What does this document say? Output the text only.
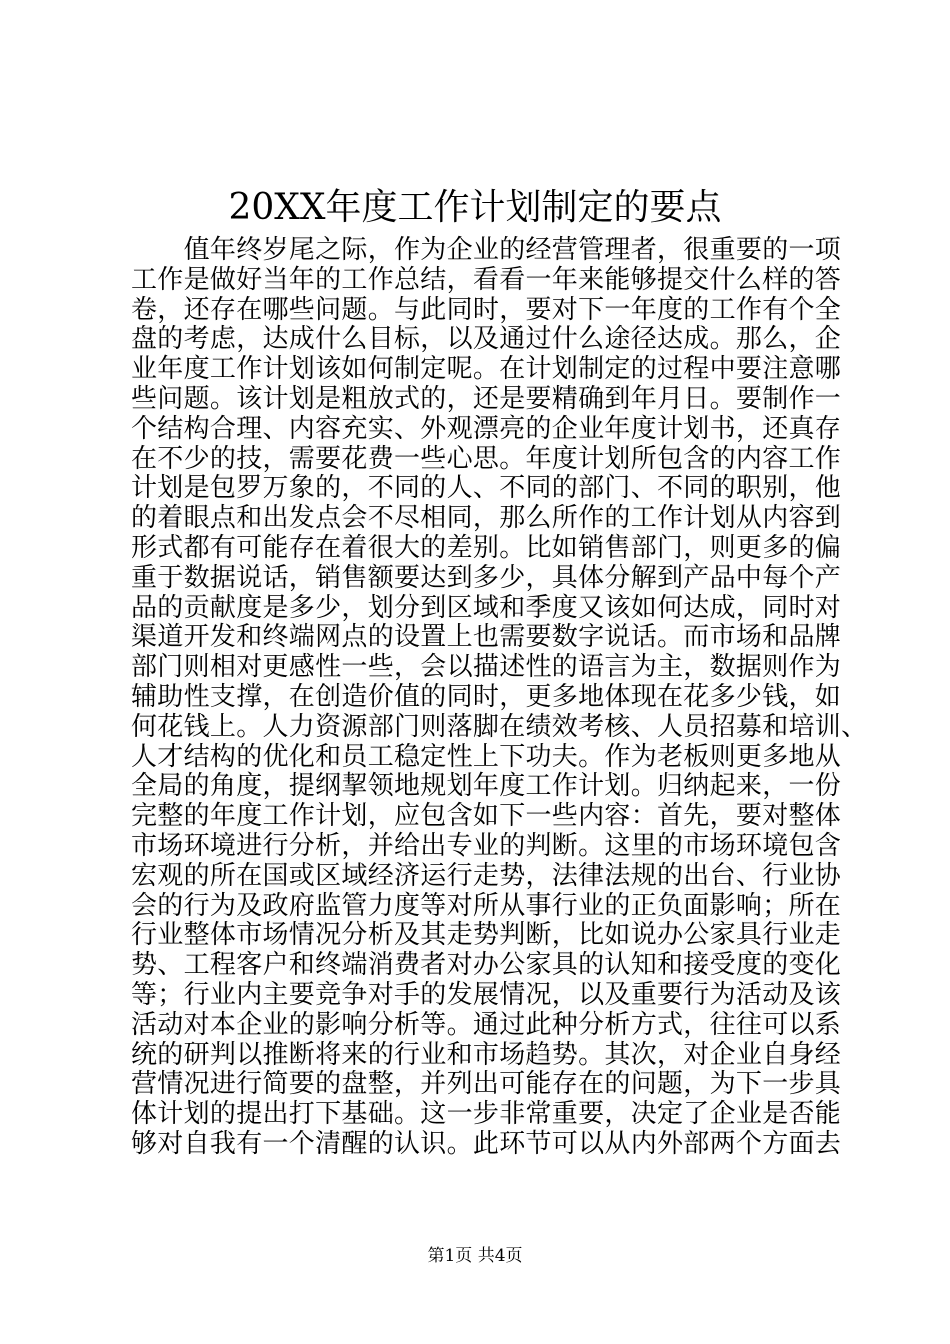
20XX年度工作计划制定的要点
　　值年终岁尾之际，作为企业的经营管理者，很重要的一项
工作是做好当年的工作总结，看看一年来能够提交什么样的答
卷，还存在哪些问题。与此同时，要对下一年度的工作有个全
盘的考虑，达成什么目标，以及通过什么途径达成。那么，企
业年度工作计划该如何制定呢。在计划制定的过程中要注意哪
些问题。该计划是粗放式的，还是要精确到年月日。要制作一
个结构合理、内容充实、外观漂亮的企业年度计划书，还真存
在不少的技，需要花费一些心思。年度计划所包含的内容工作
计划是包罗万象的，不同的人、不同的部门、不同的职别，他
的着眼点和出发点会不尽相同，那么所作的工作计划从内容到
形式都有可能存在着很大的差别。比如销售部门，则更多的偏
重于数据说话，销售额要达到多少，具体分解到产品中每个产
品的贡献度是多少，划分到区域和季度又该如何达成，同时对
渠道开发和终端网点的设置上也需要数字说话。而市场和品牌
部门则相对更感性一些，会以描述性的语言为主，数据则作为
辅助性支撑，在创造价值的同时，更多地体现在花多少钱，如
何花钱上。人力资源部门则落脚在绩效考核、人员招募和培训、
人才结构的优化和员工稳定性上下功夫。作为老板则更多地从
全局的角度，提纲挈领地规划年度工作计划。归纳起来，一份
完整的年度工作计划，应包含如下一些内容：首先，要对整体
市场环境进行分析，并给出专业的判断。这里的市场环境包含
宏观的所在国或区域经济运行走势，法律法规的出台、行业协
会的行为及政府监管力度等对所从事行业的正负面影响；所在
行业整体市场情况分析及其走势判断，比如说办公家具行业走
势、工程客户和终端消费者对办公家具的认知和接受度的变化
等；行业内主要竞争对手的发展情况，以及重要行为活动及该
活动对本企业的影响分析等。通过此种分析方式，往往可以系
统的研判以推断将来的行业和市场趋势。其次，对企业自身经
营情况进行简要的盘整，并列出可能存在的问题，为下一步具
体计划的提出打下基础。这一步非常重要，决定了企业是否能
够对自我有一个清醒的认识。此环节可以从内外部两个方面去
第1页 共4页
